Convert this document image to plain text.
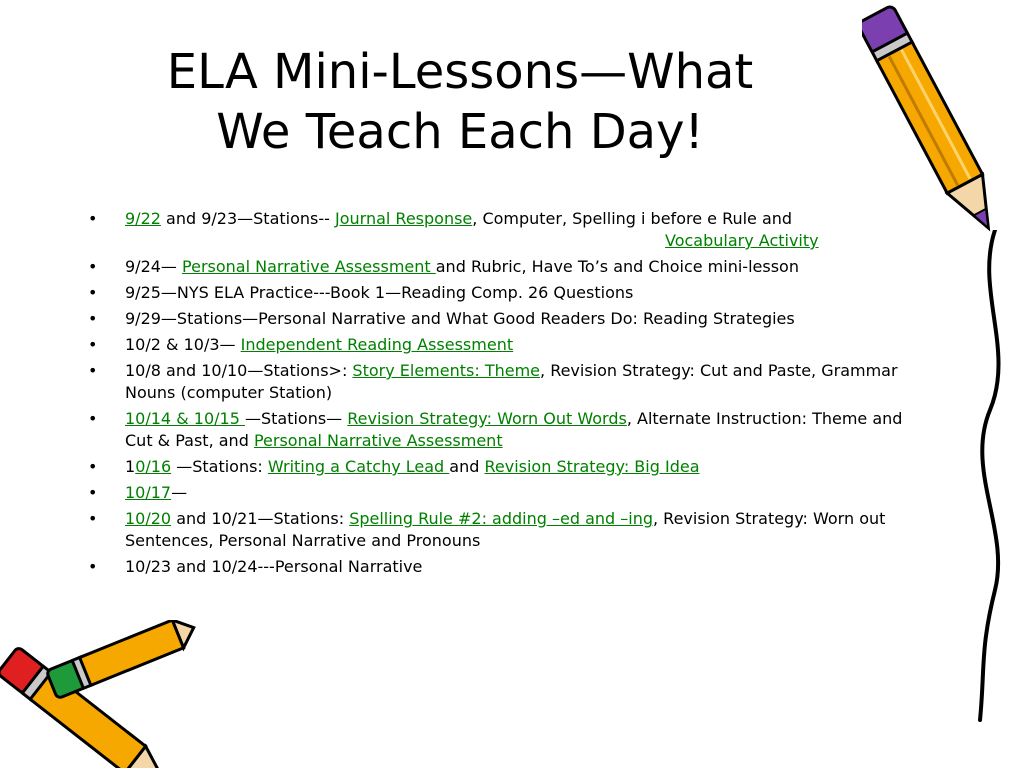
ELA Mini-Lessons—What
We Teach Each Day!
• 9/22 and 9/23—Stations-- Journal Response, Computer, Spelling i before e Rule and
Vocabulary Activity
• 9/24— Personal Narrative Assessment and Rubric, Have To’s and Choice mini-lesson
• 9/25—NYS ELA Practice---Book 1—Reading Comp. 26 Questions
• 9/29—Stations—Personal Narrative and What Good Readers Do: Reading Strategies
• 10/2 & 10/3— Independent Reading Assessment
• 10/8 and 10/10—Stations>: Story Elements: Theme, Revision Strategy: Cut and Paste, Grammar Nouns (computer Station)
• 10/14 & 10/15 —Stations— Revision Strategy: Worn Out Words, Alternate Instruction: Theme and Cut & Past, and Personal Narrative Assessment
• 10/16 —Stations: Writing a Catchy Lead and Revision Strategy: Big Idea
• 10/17—
• 10/20 and 10/21—Stations: Spelling Rule #2: adding –ed and –ing, Revision Strategy: Worn out Sentences, Personal Narrative and Pronouns
• 10/23 and 10/24---Personal Narrative
